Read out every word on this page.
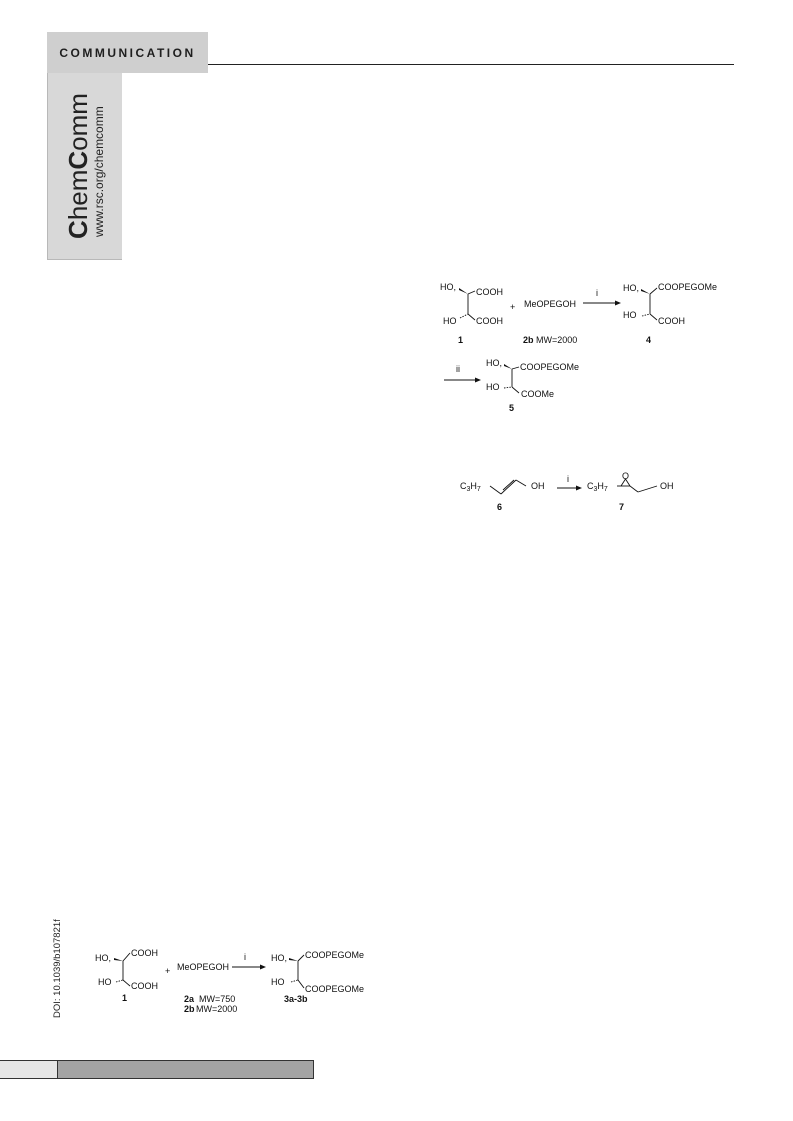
COMMUNICATION
ChemComm www.rsc.org/chemcomm
HO, COOH
HO COOH
1
+ MeOPEGOH
2b MW=2000
i	HO, COOPEGOMe
HO
COOH
4
ii
HO, COOPEGOMe
HO
COOMe
5
$C_3H_7$	OH
6
i
$C_3H_7$
O
OH
7
HO, COOH
HO COOH
1
+ MeOPEGOH
2a MW=750
2b MW=2000
i	HO, COOPEGOMe
HO
COOPEGOMe
3a-3b
DOI: 10.1039/b107821f
